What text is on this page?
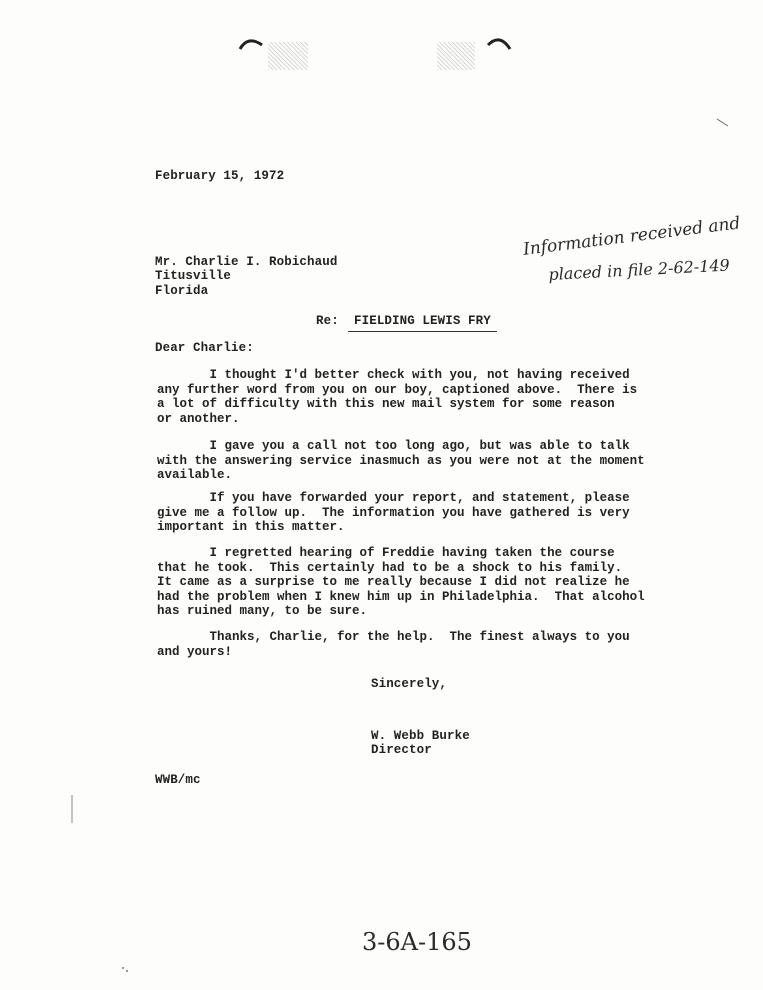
February 15, 1972
Mr. Charlie I. Robichaud
Titusville
Florida
Information received and
placed in file 2-62-149
Re: FIELDING LEWIS FRY
Dear Charlie:
I thought I'd better check with you, not having received
any further word from you on our boy, captioned above.  There is
a lot of difficulty with this new mail system for some reason
or another.
I gave you a call not too long ago, but was able to talk
with the answering service inasmuch as you were not at the moment
available.
If you have forwarded your report, and statement, please
give me a follow up.  The information you have gathered is very
important in this matter.
I regretted hearing of Freddie having taken the course
that he took.  This certainly had to be a shock to his family.
It came as a surprise to me really because I did not realize he
had the problem when I knew him up in Philadelphia.  That alcohol
has ruined many, to be sure.
Thanks, Charlie, for the help.  The finest always to you
and yours!
Sincerely,
W. Webb Burke
Director
WWB/mc
3-6A-165
